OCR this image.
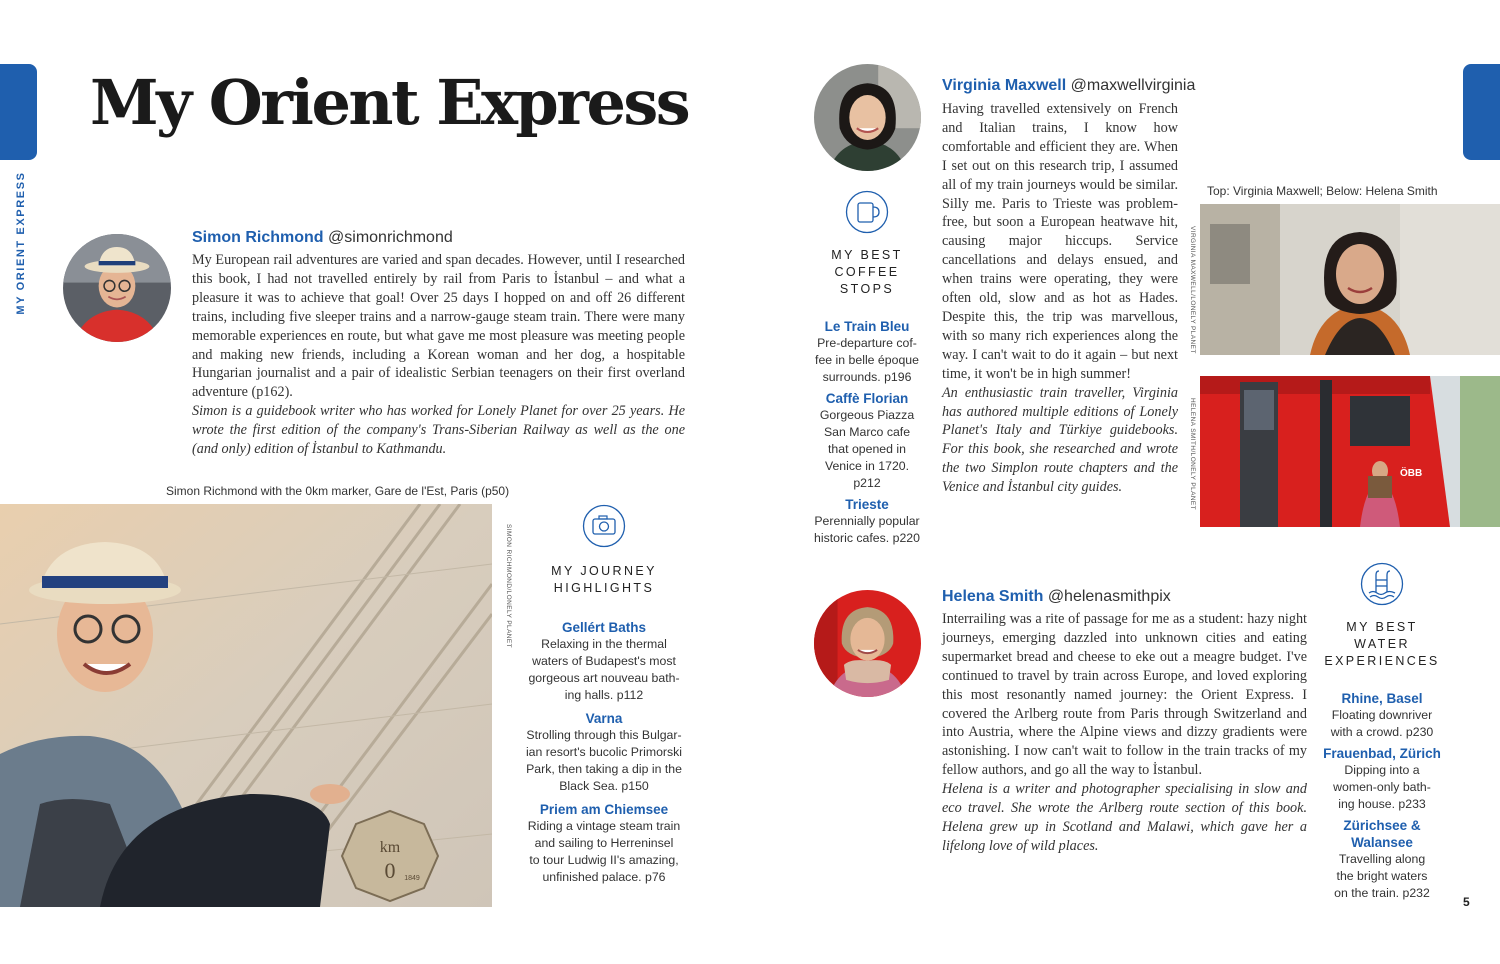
MY ORIENT EXPRESS
My Orient Express
Simon Richmond @simonrichmond

My European rail adventures are varied and span decades. However, until I researched this book, I had not travelled entirely by rail from Paris to İstanbul – and what a pleasure it was to achieve that goal! Over 25 days I hopped on and off 26 different trains, including five sleeper trains and a narrow-gauge steam train. There were many memorable experiences en route, but what gave me most pleasure was meeting people and making new friends, including a Korean woman and her dog, a hospitable Hungarian journalist and a pair of idealistic Serbian teenagers on their first overland adventure (p162).

Simon is a guidebook writer who has worked for Lonely Planet for over 25 years. He wrote the first edition of the company's Trans-Siberian Railway as well as the one (and only) edition of İstanbul to Kathmandu.

Simon Richmond with the 0km marker, Gare de l'Est, Paris (p50)
km
0 1849
SIMON RICHMOND/LONELY PLANET	MY JOURNEY
HIGHLIGHTS
Gellért Baths
Relaxing in the thermal
waters of Budapest's most
gorgeous art nouveau bath-
ing halls. p112
Varna
Strolling through this Bulgar-
ian resort's bucolic Primorski
Park, then taking a dip in the
Black Sea. p150
Priem am Chiemsee
Riding a vintage steam train
and sailing to Herreninsel
to tour Ludwig II's amazing,
unfinished palace. p76
Virginia Maxwell @maxwellvirginia

Having travelled extensively on French and Italian trains, I know how comfortable and efficient they are. When I set out on this research trip, I assumed all of my train journeys would be similar. Silly me. Paris to Trieste was problem-free, but soon a European heatwave hit, causing major hiccups. Service cancellations and delays ensued, and when trains were operating, they were often old, slow and as hot as Hades. Despite this, the trip was marvellous, with so many rich experiences along the way. I can't wait to do it again – but next time, it won't be in high summer!

An enthusiastic train traveller, Virginia has authored multiple editions of Lonely Planet's Italy and Türkiye guidebooks. For this book, she researched and wrote the two Simplon route chapters and the Venice and İstanbul city guides.

MY BEST
COFFEE
STOPS
Le Train Bleu
Pre-departure cof-
fee in belle époque
surrounds. p196
Caffè Florian
Gorgeous Piazza
San Marco cafe
that opened in
Venice in 1720. p212
Trieste
Perennially popular
historic cafes. p220
Top: Virginia Maxwell; Below: Helena Smith
VIRGINIA MAXWELL/LONELY PLANET
HELENA SMITH/LONELY PLANET	ÖBB
Helena Smith @helenasmithpix

Interrailing was a rite of passage for me as a student: hazy night journeys, emerging dazzled into unknown cities and eating supermarket bread and cheese to eke out a meagre budget. I've continued to travel by train across Europe, and loved exploring this most resonantly named journey: the Orient Express. I covered the Arlberg route from Paris through Switzerland and into Austria, where the Alpine views and dizzy gradients were astonishing. I now can't wait to follow in the train tracks of my fellow authors, and go all the way to İstanbul.

Helena is a writer and photographer specialising in slow and eco travel. She wrote the Arlberg route section of this book. Helena grew up in Scotland and Malawi, which gave her a lifelong love of wild places.

MY BEST
WATER
EXPERIENCES
Rhine, Basel
Floating downriver
with a crowd. p230
Frauenbad, Zürich
Dipping into a
women-only bath-
ing house. p233
Zürichsee &
Walansee
Travelling along
the bright waters
on the train. p232
5
